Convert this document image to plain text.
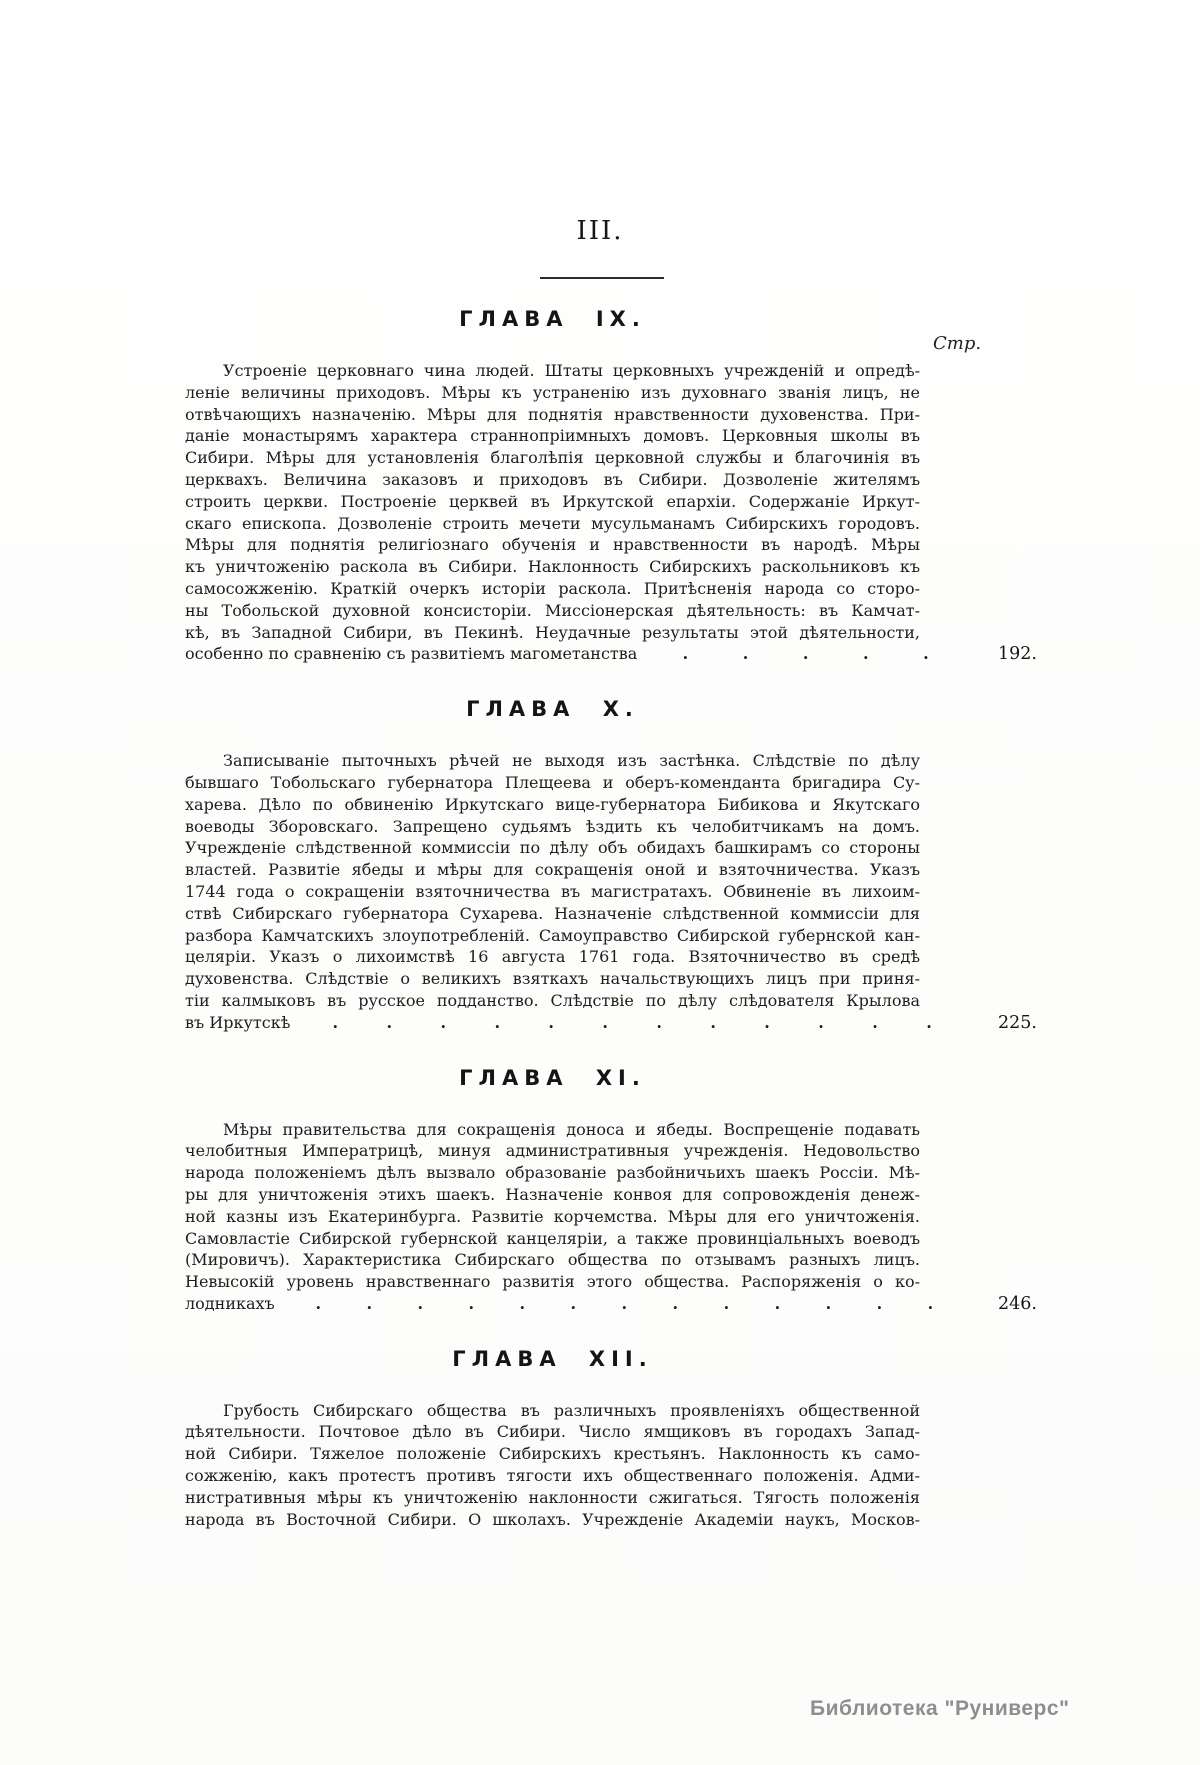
III.
Стр.
ГЛАВА IX.
Устроеніе церковнаго чина людей. Штаты церковныхъ учрежденій и опредѣ-
леніе величины приходовъ. Мѣры къ устраненію изъ духовнаго званія лицъ, не
отвѣчающихъ назначенію. Мѣры для поднятія нравственности духовенства. При-
даніе монастырямъ характера страннопріимныхъ домовъ. Церковныя школы въ
Сибири. Мѣры для установленія благолѣпія церковной службы и благочинія въ
церквахъ. Величина заказовъ и приходовъ въ Сибири. Дозволеніе жителямъ
строить церкви. Построеніе церквей въ Иркутской епархіи. Содержаніе Иркут-
скаго епископа. Дозволеніе строить мечети мусульманамъ Сибирскихъ городовъ.
Мѣры для поднятія религіознаго обученія и нравственности въ народѣ. Мѣры
къ уничтоженію раскола въ Сибири. Наклонность Сибирскихъ раскольниковъ къ
самосожженію. Краткій очеркъ исторіи раскола. Притѣсненія народа со сторо-
ны Тобольской духовной консисторіи. Миссіонерская дѣятельность: въ Камчат-
кѣ, въ Западной Сибири, въ Пекинѣ. Неудачные результаты этой дѣятельности,
особенно по сравненію съ развитіемъ магометанства	.	.	.	.	.	192.
ГЛАВА X.
Записываніе пыточныхъ рѣчей не выходя изъ застѣнка. Слѣдствіе по дѣлу
бывшаго Тобольскаго губернатора Плещеева и оберъ-коменданта бригадира Су-
харева. Дѣло по обвиненію Иркутскаго вице-губернатора Бибикова и Якутскаго
воеводы Зборовскаго. Запрещено судьямъ ѣздить къ челобитчикамъ на домъ.
Учрежденіе слѣдственной коммиссіи по дѣлу объ обидахъ башкирамъ со стороны
властей. Развитіе ябеды и мѣры для сокращенія оной и взяточничества. Указъ
1744 года о сокращеніи взяточничества въ магистратахъ. Обвиненіе въ лихоим-
ствѣ Сибирскаго губернатора Сухарева. Назначеніе слѣдственной коммиссіи для
разбора Камчатскихъ злоупотребленій. Самоуправство Сибирской губернской кан-
целяріи. Указъ о лихоимствѣ 16 августа 1761 года. Взяточничество въ средѣ
духовенства. Слѣдствіе о великихъ взяткахъ начальствующихъ лицъ при приня-
тіи калмыковъ въ русское подданство. Слѣдствіе по дѣлу слѣдователя Крылова
въ Иркутскѣ	.	.	.	.	.	.	.	.	.	.	.	.	225.
ГЛАВА XI.
Мѣры правительства для сокращенія доноса и ябеды. Воспрещеніе подавать
челобитныя Императрицѣ, минуя административныя учрежденія. Недовольство
народа положеніемъ дѣлъ вызвало образованіе разбойничьихъ шаекъ Россіи. Мѣ-
ры для уничтоженія этихъ шаекъ. Назначеніе конвоя для сопровожденія денеж-
ной казны изъ Екатеринбурга. Развитіе корчемства. Мѣры для его уничтоженія.
Самовластіе Сибирской губернской канцеляріи, а также провинціальныхъ воеводъ
(Мировичъ). Характеристика Сибирскаго общества по отзывамъ разныхъ лицъ.
Невысокій уровень нравственнаго развитія этого общества. Распоряженія о ко-
лодникахъ	.	.	.	.	.	.	.	.	.	.	.	.	.	246.
ГЛАВА XII.
Грубость Сибирскаго общества въ различныхъ проявленіяхъ общественной
дѣятельности. Почтовое дѣло въ Сибири. Число ямщиковъ въ городахъ Запад-
ной Сибири. Тяжелое положеніе Сибирскихъ крестьянъ. Наклонность къ само-
сожженію, какъ протестъ противъ тягости ихъ общественнаго положенія. Адми-
нистративныя мѣры къ уничтоженію наклонности сжигаться. Тягость положенія
народа въ Восточной Сибири. О школахъ. Учрежденіе Академіи наукъ, Москов-
Библиотека "Руниверс"
